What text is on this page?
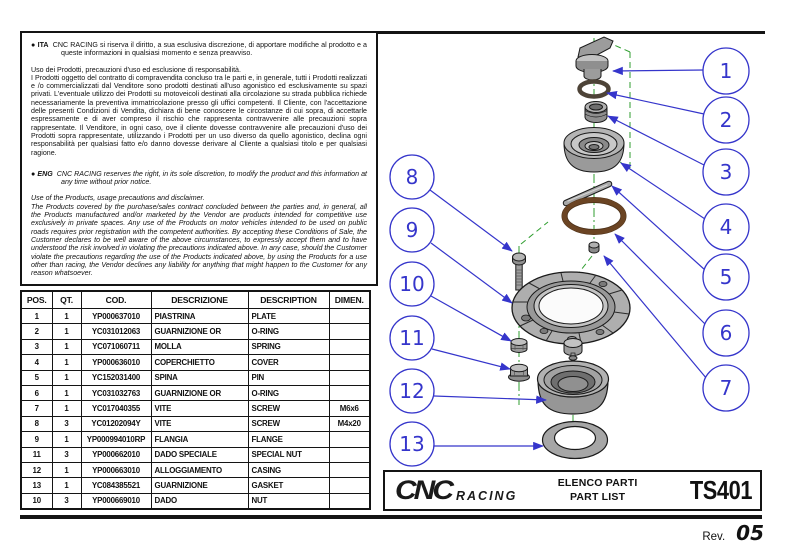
● ITA CNC RACING si riserva il diritto, a sua esclusiva discrezione, di apportare modifiche al prodotto e a queste informazioni in qualsiasi momento e senza preavviso.
Uso dei Prodotti, precauzioni d'uso ed esclusione di responsabilità.
I Prodotti oggetto del contratto di compravendita concluso tra le parti e, in generale, tutti i Prodotti realizzati e /o commercializzati dal Venditore sono prodotti destinati all'uso agonistico ed esclusivamente su spazi privati. L'eventuale utilizzo dei Prodotti su motoveicoli destinati alla circolazione su strada pubblica richiede necessariamente la preventiva immatricolazione presso gli uffici competenti. Il Cliente, con l'accettazione delle presenti Condizioni di Vendita, dichiara di bene conoscere le circostanze di cui sopra, di accettarle espressamente e di aver compreso il rischio che rappresenta contravvenire alle precauzioni sopra rappresentate. Il Venditore, in ogni caso, ove il cliente dovesse contravvenire alle precauzioni d'uso dei Prodotti sopra rappresentate, utilizzando i Prodotti per un uso diverso da quello agonistico, declina ogni responsabilità per qualsiasi fatto e/o danno dovesse derivare al Cliente a qualsiasi titolo e per qualsiasi ragione.
● ENG CNC RACING reserves the right, in its sole discretion, to modify the product and this information at any time without prior notice.
Use of the Products, usage precautions and disclaimer.
The Products covered by the purchase/sales contract concluded between the parties and, in general, all the Products manufactured and/or marketed by the Vendor are products intended for competitive use exclusively in private spaces. Any use of the Products on motor vehicles intended to be used on public roads requires prior registration with the competent authorities. By accepting these Conditions of Sale, the Customer declares to be well aware of the above circumstances, to expressly accept them and to have understood the risk involved in violating the precautions indicated above. In any case, should the Customer violate the precautions regarding the use of the Products indicated above, by using the Products for a use other than racing, the Vendor declines any liability for anything that might happen to the Customer for any reason whatsoever.
POS.	QT.	COD.	DESCRIZIONE	DESCRIPTION	DIMEN.
1	1	YP000637010	PIASTRINA	PLATE	
2	1	YC031012063	GUARNIZIONE OR	O-RING	
3	1	YC071060711	MOLLA	SPRING	
4	1	YP000636010	COPERCHIETTO	COVER	
5	1	YC152031400	SPINA	PIN	
6	1	YC031032763	GUARNIZIONE OR	O-RING	
7	1	YC017040355	VITE	SCREW	M6x6
8	3	YC01202094Y	VITE	SCREW	M4x20
9	1	YP000994010RP	FLANGIA	FLANGE	
11	3	YP000662010	DADO SPECIALE	SPECIAL NUT	
12	1	YP000663010	ALLOGGIAMENTO	CASING	
13	1	YC084385521	GUARNIZIONE	GASKET	
10	3	YP000669010	DADO	NUT	
1
2
3
4
5
6
7
8
9
10
11
12
13
CNC RACING
ELENCO PARTI
PART LIST	TS401
Rev. 05
